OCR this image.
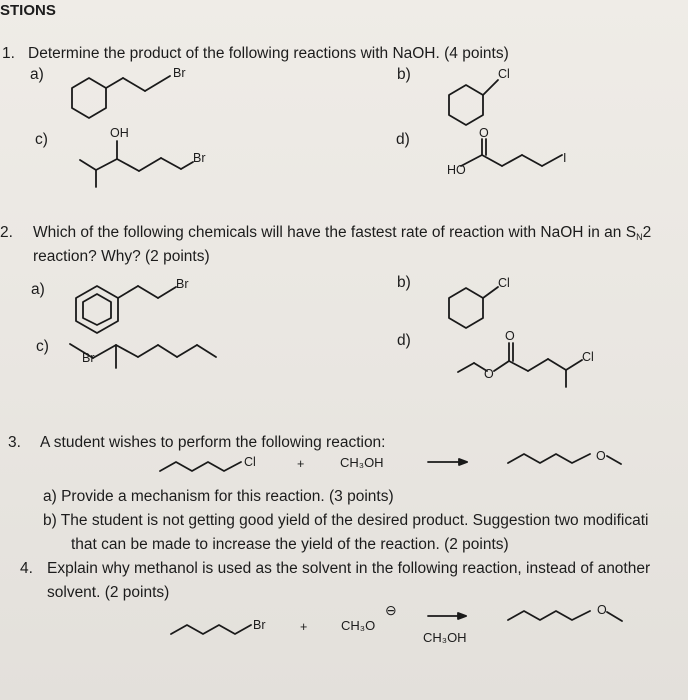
STIONS
1. Determine the product of the following reactions with NaOH. (4 points)
a)	b)
c)	d)
Br	Cl
OH
Br
O
HO
I
2. Which of the following chemicals will have the fastest rate of reaction with NaOH in an SN2
reaction? Why? (2 points)
a)	b)
c)	d)
Br	Cl
Br
O
O
Cl
3. A student wishes to perform the following reaction:
Cl	+	CH₃OH	O
a) Provide a mechanism for this reaction. (3 points)
b) The student is not getting good yield of the desired product. Suggestion two modificati
that can be made to increase the yield of the reaction. (2 points)
4. Explain why methanol is used as the solvent in the following reaction, instead of another
solvent. (2 points)
Br	+	CH₃O
⊖
CH₃OH
O
